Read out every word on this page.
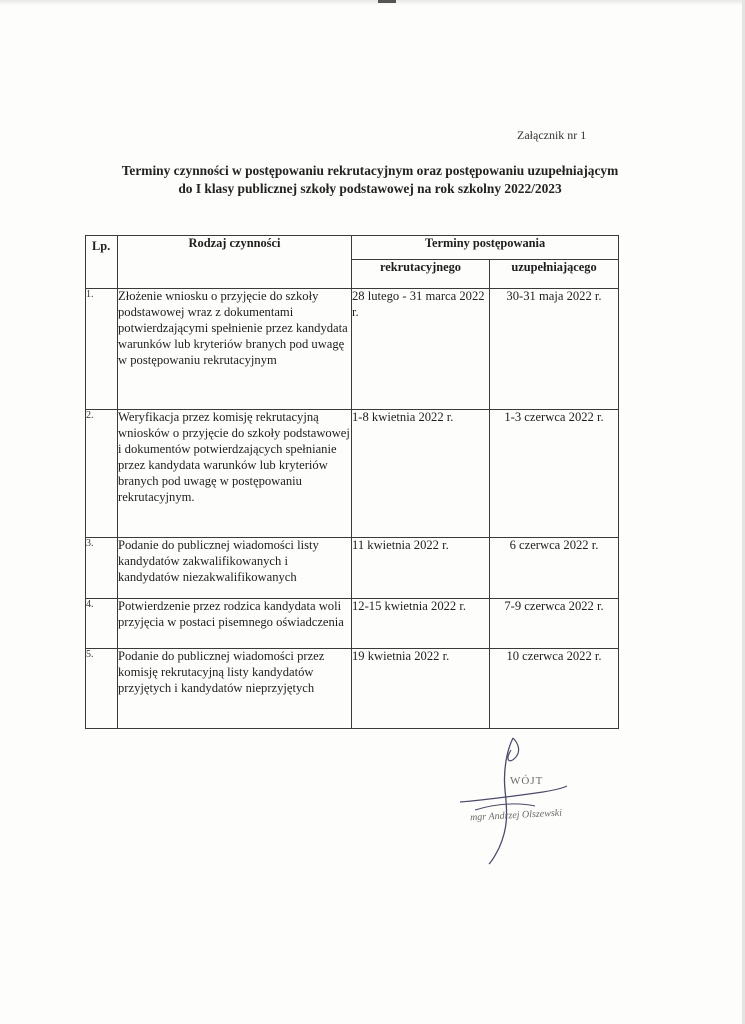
Załącznik nr 1
Terminy czynności w postępowaniu rekrutacyjnym oraz postępowaniu uzupełniającym
do I klasy publicznej szkoły podstawowej na rok szkolny 2022/2023
Lp.	Rodzaj czynności	Terminy postępowania	
		rekrutacyjnego	uzupełniającego
1.	Złożenie wniosku o przyjęcie do szkoły podstawowej wraz z dokumentami potwierdzającymi spełnienie przez kandydata warunków lub kryteriów branych pod uwagę w postępowaniu rekrutacyjnym	28 lutego - 31 marca 2022 r.	30-31 maja 2022 r.
2.	Weryfikacja przez komisję rekrutacyjną wniosków o przyjęcie do szkoły podstawowej i dokumentów potwierdzających spełnianie przez kandydata warunków lub kryteriów branych pod uwagę w postępowaniu rekrutacyjnym.	1-8 kwietnia 2022 r.	1-3 czerwca 2022 r.
3.	Podanie do publicznej wiadomości listy kandydatów zakwalifikowanych i kandydatów niezakwalifikowanych	11 kwietnia 2022 r.	6 czerwca 2022 r.
4.	Potwierdzenie przez rodzica kandydata woli przyjęcia w postaci pisemnego oświadczenia	12-15 kwietnia 2022 r.	7-9 czerwca 2022 r.
5.	Podanie do publicznej wiadomości przez komisję rekrutacyjną listy kandydatów przyjętych i kandydatów nieprzyjętych	19 kwietnia 2022 r.	10 czerwca 2022 r.
WÓJT
mgr Andrzej Olszewski
